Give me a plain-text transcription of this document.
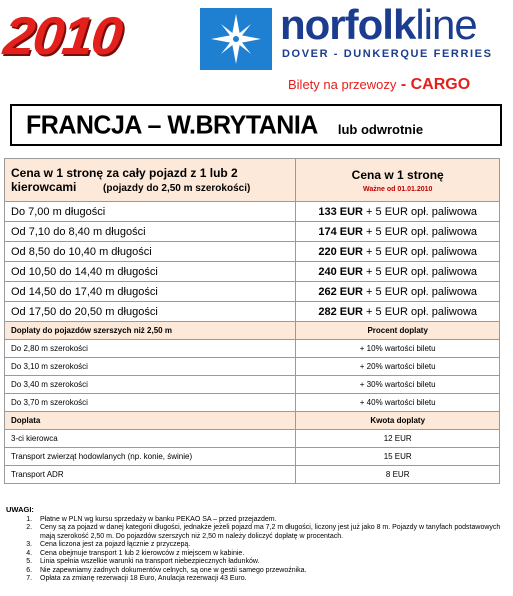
2010	norfolkline
DOVER - DUNKERQUE FERRIES
Bilety na przewozy - CARGO
FRANCJA – W.BRYTANIA lub odwrotnie
Cena w 1 stronę za cały pojazd z 1 lub 2 kierowcami (pojazdy do 2,50 m szerokości)	Cena w 1 stronę
Ważne od 01.01.2010

Do 7,00 m długości	133 EUR + 5 EUR opł. paliwowa
Od 7,10 do 8,40 m długości	174 EUR + 5 EUR opł. paliwowa
Od 8,50 do 10,40 m długości	220 EUR + 5 EUR opł. paliwowa
Od 10,50 do 14,40 m długości	240 EUR + 5 EUR opł. paliwowa
Od 14,50 do 17,40 m długości	262 EUR + 5 EUR opł. paliwowa
Od 17,50 do 20,50 m długości	282 EUR + 5 EUR opł. paliwowa
Doplaty do pojazdów szerszych niż 2,50 m	Procent doplaty
Do 2,80 m szerokości	+ 10% wartości biletu
Do 3,10 m szerokości	+ 20% wartości biletu
Do 3,40 m szerokości	+ 30% wartości biletu
Do 3,70 m szerokości	+ 40% wartości biletu
Doplata	Kwota doplaty
3-ci kierowca	12 EUR
Transport zwierząt hodowlanych (np. konie, świnie)	15 EUR
Transport ADR	8 EUR
UWAGI:
1. Płatne w PLN wg kursu sprzedaży w banku PEKAO SA – przed przejazdem.
2. Ceny są za pojazd w danej kategorii długości, jednakże jeżeli pojazd ma 7,2 m długości, liczony jest już jako 8 m. Pojazdy w tanyfach podstawowych mają szerokość 2,50 m. Do pojazdów szerszych niż 2,50 m należy doliczyć dopłatę w procentach.
3. Cena liczona jest za pojazd łącznie z przyczepą.
4. Cena obejmuje transport 1 lub 2 kierowców z miejscem w kabinie.
5. Linia spełnia wszelkie warunki na transport niebezpiecznych ładunków.
6. Nie zapewniamy żadnych dokumentów celnych, są one w gestii samego przewoźnika.
7. Opłata za zmianę rezerwacji 18 Euro, Anulacja rezerwacji 43 Euro.
